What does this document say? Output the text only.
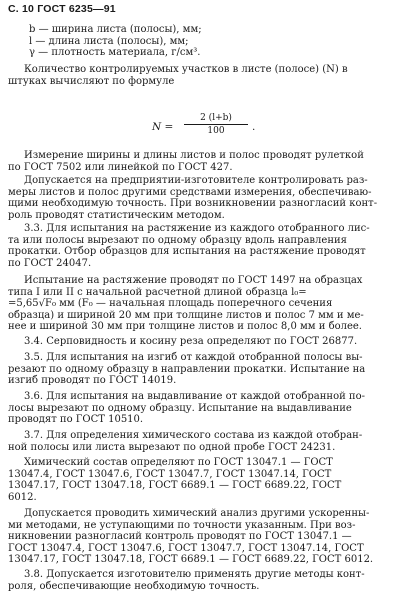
С. 10 ГОСТ 6235—91
b — ширина листа (полосы), мм;
l — длина листа (полосы), мм;
γ — плотность материала, г/см³.
Количество контролируемых участков в листе (полосе) (N) в
штуках вычисляют по формуле
$N = \frac{2 (l+b)}{100}$ .
Измерение ширины и длины листов и полос проводят рулеткой
по ГОСТ 7502 или линейкой по ГОСТ 427.
Допускается на предприятии-изготовителе контролировать раз-
меры листов и полос другими средствами измерения, обеспечиваю-
щими необходимую точность. При возникновении разногласий конт-
роль проводят статистическим методом.
3.3. Для испытания на растяжение из каждого отобранного лис-
та или полосы вырезают по одному образцу вдоль направления
прокатки. Отбор образцов для испытания на растяжение проводят
по ГОСТ 24047.
Испытание на растяжение проводят по ГОСТ 1497 на образцах
типа I или II с начальной расчетной длиной образца l₀=
=5,65√F₀ мм (F₀ — начальная площадь поперечного сечения
образца) и шириной 20 мм при толщине листов и полос 7 мм и ме-
нее и шириной 30 мм при толщине листов и полос 8,0 мм и более.
3.4. Серповидность и косину реза определяют по ГОСТ 26877.
3.5. Для испытания на изгиб от каждой отобранной полосы вы-
резают по одному образцу в направлении прокатки. Испытание на
изгиб проводят по ГОСТ 14019.
3.6. Для испытания на выдавливание от каждой отобранной по-
лосы вырезают по одному образцу. Испытание на выдавливание
проводят по ГОСТ 10510.
3.7. Для определения химического состава из каждой отобран-
ной полосы или листа вырезают по одной пробе ГОСТ 24231.
Химический состав определяют по ГОСТ 13047.1 — ГОСТ
13047.4, ГОСТ 13047.6, ГОСТ 13047.7, ГОСТ 13047.14, ГОСТ
13047.17, ГОСТ 13047.18, ГОСТ 6689.1 — ГОСТ 6689.22, ГОСТ
6012.
Допускается проводить химический анализ другими ускоренны-
ми методами, не уступающими по точности указанным. При воз-
никновении разногласий контроль проводят по ГОСТ 13047.1 —
ГОСТ 13047.4, ГОСТ 13047.6, ГОСТ 13047.7, ГОСТ 13047.14, ГОСТ
13047.17, ГОСТ 13047.18, ГОСТ 6689.1 — ГОСТ 6689.22, ГОСТ 6012.
3.8. Допускается изготовителю применять другие методы конт-
роля, обеспечивающие необходимую точность.
